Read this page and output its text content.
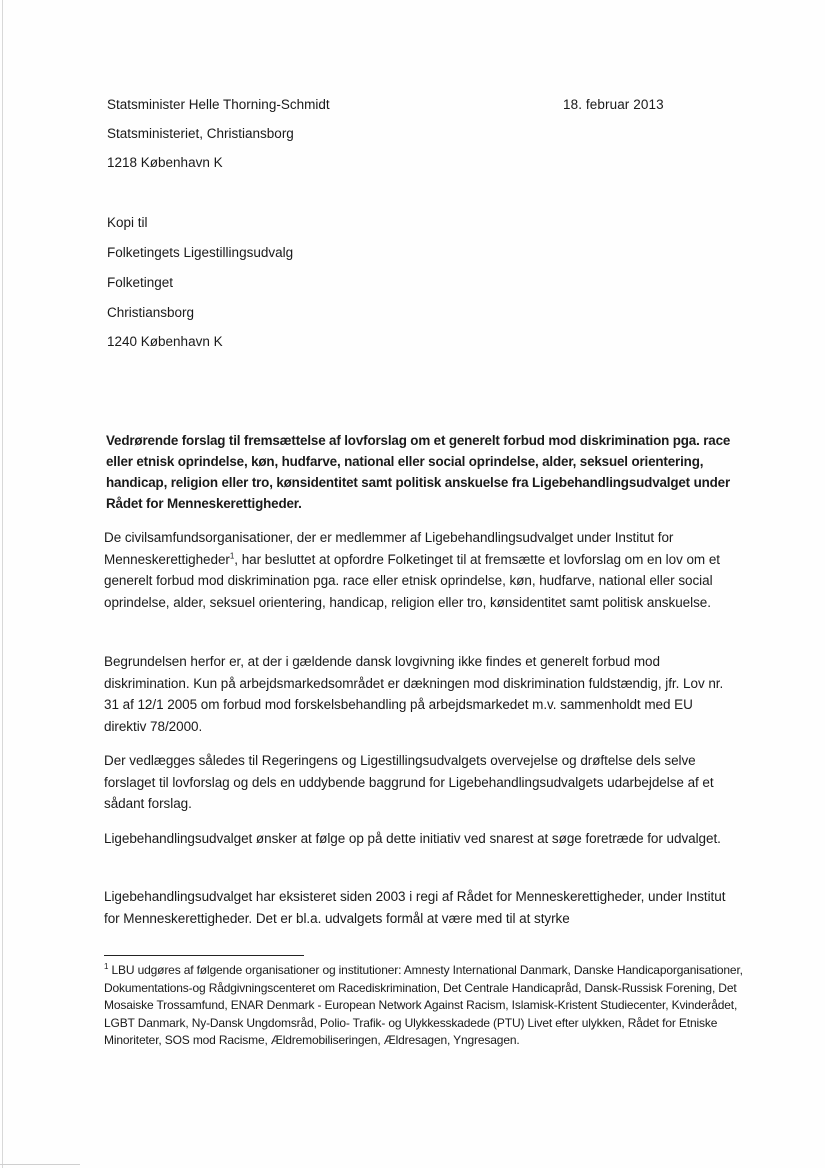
18. februar 2013
Statsminister Helle Thorning-Schmidt
Statsministeriet, Christiansborg
1218 København K
Kopi til
Folketingets Ligestillingsudvalg
Folketinget
Christiansborg
1240 København K
Vedrørende forslag til fremsættelse af lovforslag om et generelt forbud mod diskrimination pga. race eller etnisk oprindelse, køn, hudfarve, national eller social oprindelse, alder, seksuel orientering, handicap, religion eller tro, kønsidentitet samt politisk anskuelse fra Ligebehandlingsudvalget under Rådet for Menneskerettigheder.
De civilsamfundsorganisationer, der er medlemmer af Ligebehandlingsudvalget under Institut for Menneskerettigheder$^1$, har besluttet at opfordre Folketinget til at fremsætte et lovforslag om en lov om et generelt forbud mod diskrimination pga. race eller etnisk oprindelse, køn, hudfarve, national eller social oprindelse, alder, seksuel orientering, handicap, religion eller tro, kønsidentitet samt politisk anskuelse.
Begrundelsen herfor er, at der i gældende dansk lovgivning ikke findes et generelt forbud mod diskrimination. Kun på arbejdsmarkedsområdet er dækningen mod diskrimination fuldstændig, jfr. Lov nr. 31 af 12/1 2005 om forbud mod forskelsbehandling på arbejdsmarkedet m.v. sammenholdt med EU direktiv 78/2000.
Der vedlægges således til Regeringens og Ligestillingsudvalgets overvejelse og drøftelse dels selve forslaget til lovforslag og dels en uddybende baggrund for Ligebehandlingsudvalgets udarbejdelse af et sådant forslag.
Ligebehandlingsudvalget ønsker at følge op på dette initiativ ved snarest at søge foretræde for udvalget.
Ligebehandlingsudvalget har eksisteret siden 2003 i regi af Rådet for Menneskerettigheder, under Institut for Menneskerettigheder. Det er bl.a. udvalgets formål at være med til at styrke
$^1$ LBU udgøres af følgende organisationer og institutioner: Amnesty International Danmark, Danske Handicaporganisationer, Dokumentations-og Rådgivningscenteret om Racediskrimination, Det Centrale Handicapråd, Dansk-Russisk Forening, Det Mosaiske Trossamfund, ENAR Denmark - European Network Against Racism, Islamisk-Kristent Studiecenter, Kvinderådet, LGBT Danmark, Ny-Dansk Ungdomsråd, Polio- Trafik- og Ulykkesskadede (PTU) Livet efter ulykken, Rådet for Etniske Minoriteter, SOS mod Racisme, Ældremobiliseringen, Ældresagen, Yngresagen.
